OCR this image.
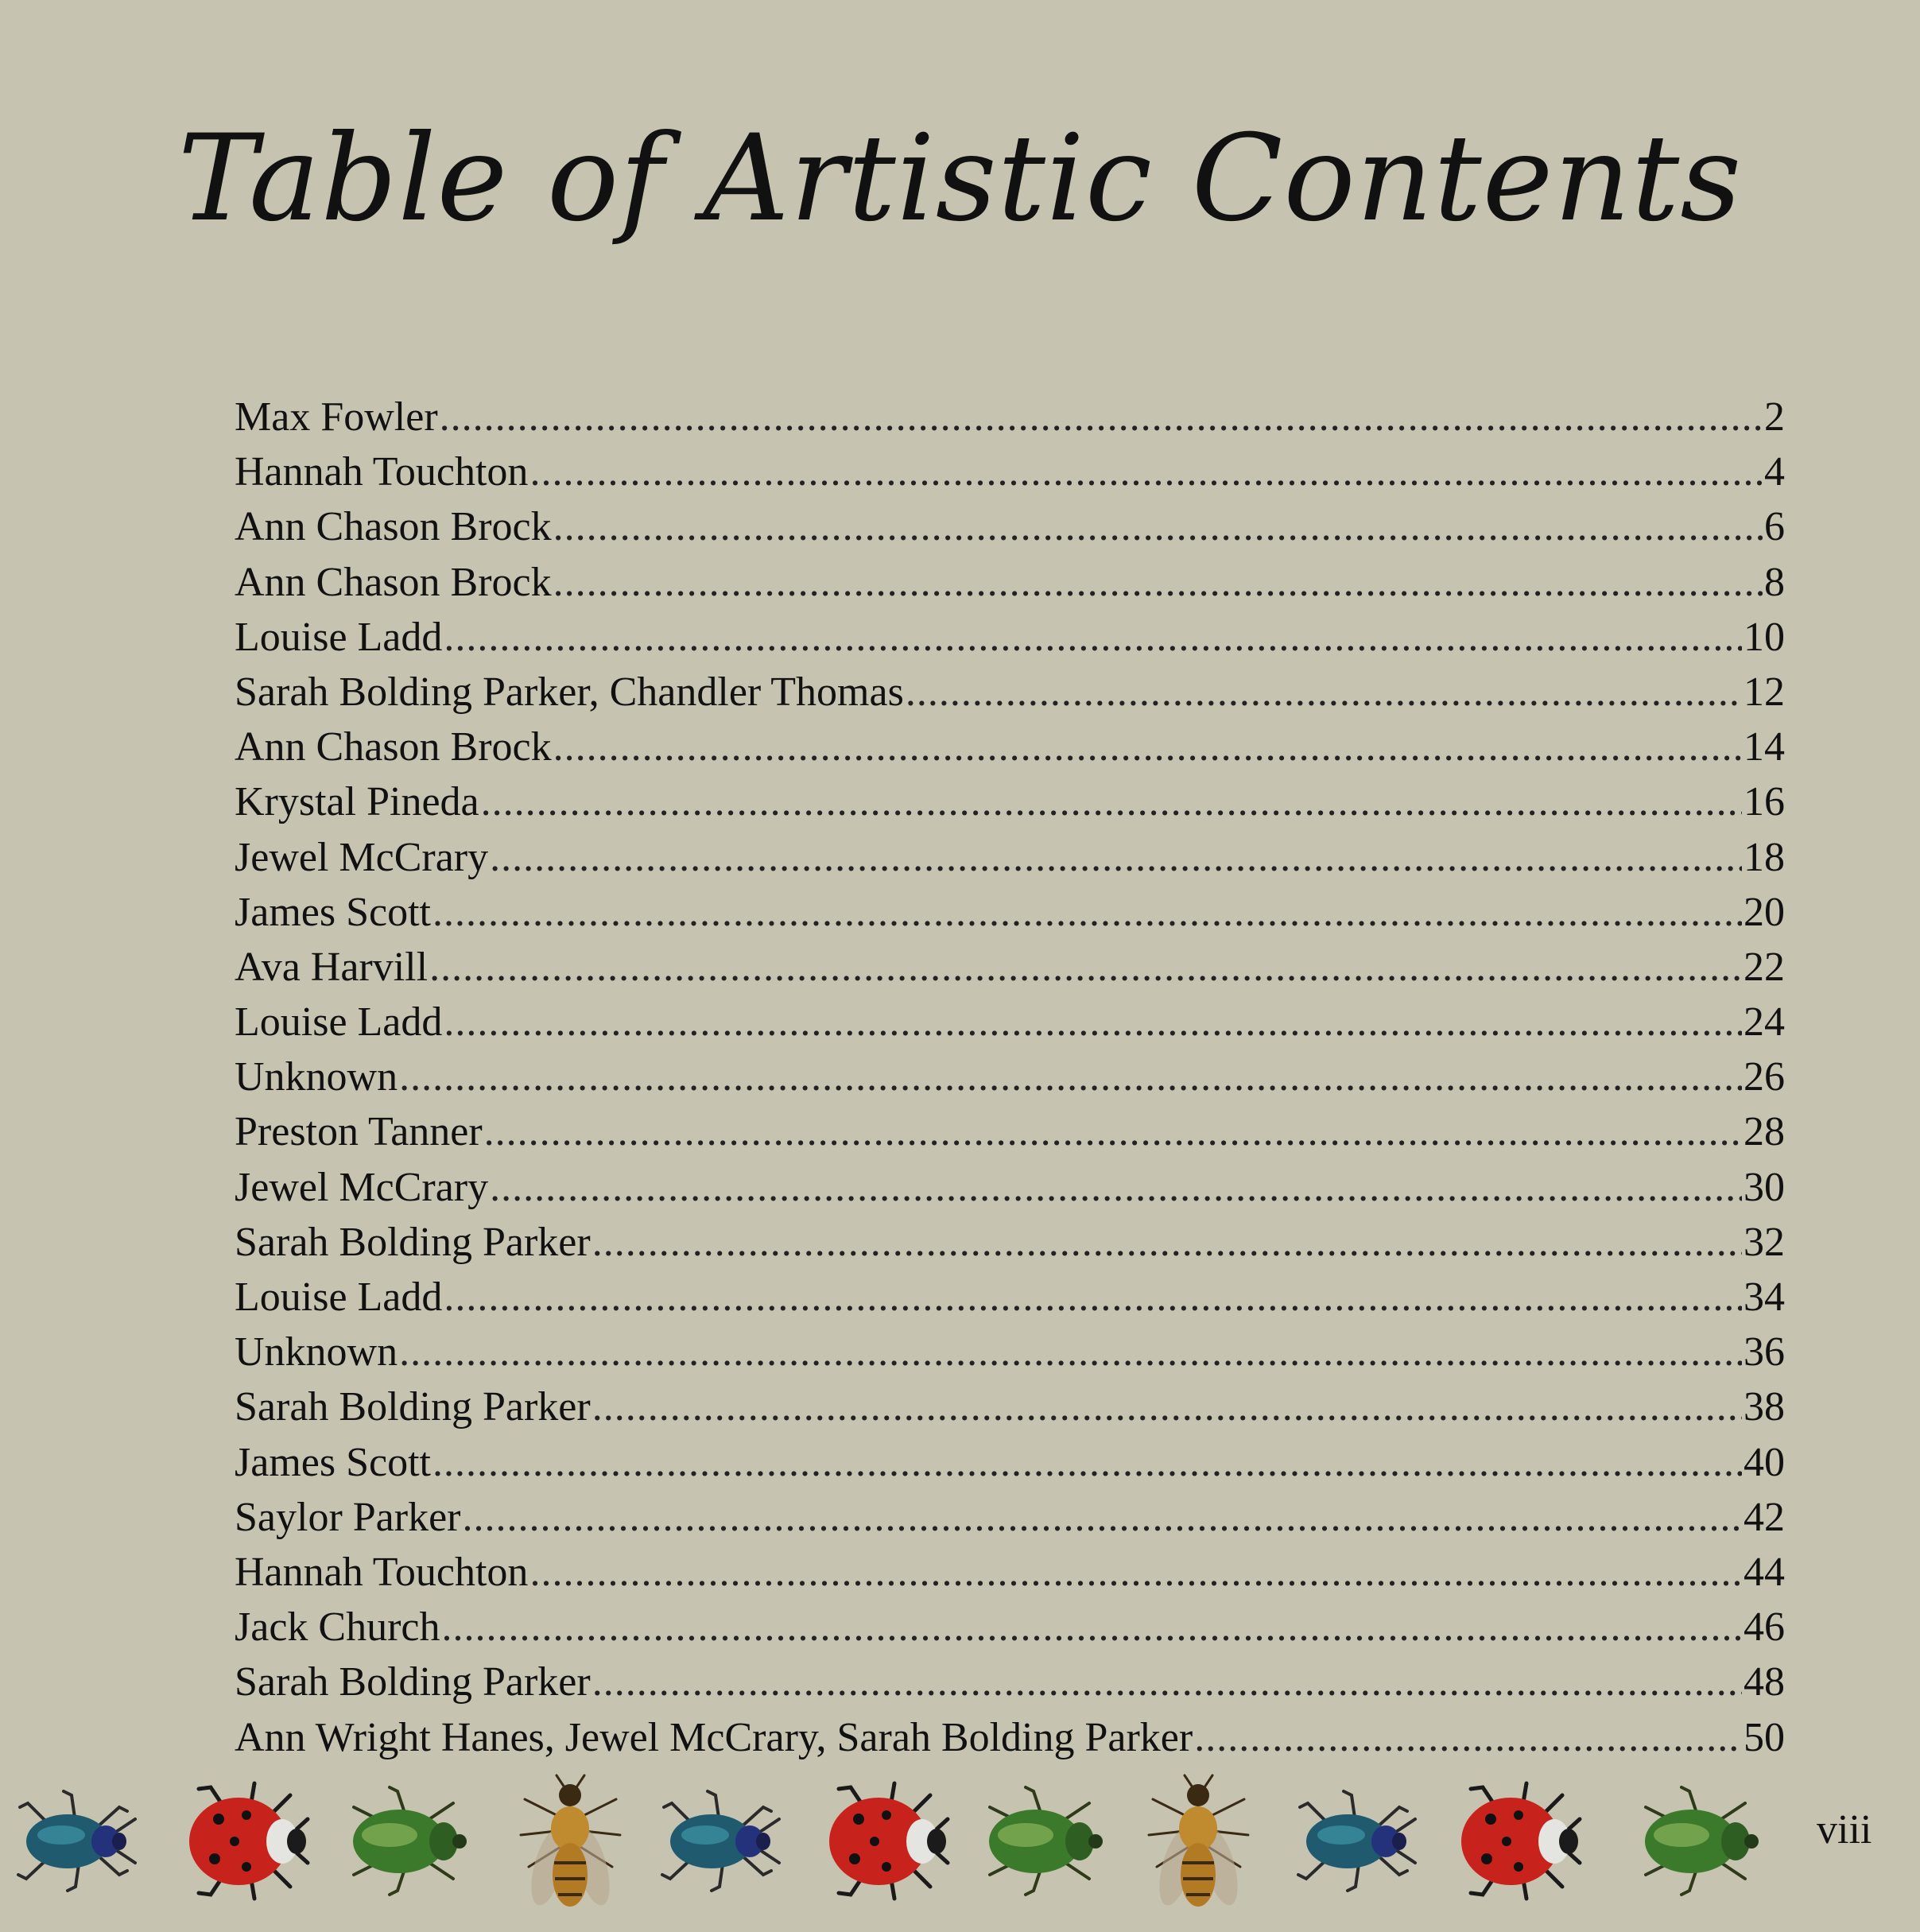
Table of Artistic Contents
Max Fowler .....	2
Hannah Touchton .....	4
Ann Chason Brock .....	6
Ann Chason Brock .....	8
Louise Ladd .....	10
Sarah Bolding Parker, Chandler Thomas .....	12
Ann Chason Brock .....	14
Krystal Pineda .....	16
Jewel McCrary .....	18
James Scott .....	20
Ava Harvill .....	22
Louise Ladd .....	24
Unknown .....	26
Preston Tanner .....	28
Jewel McCrary .....	30
Sarah Bolding Parker .....	32
Louise Ladd .....	34
Unknown .....	36
Sarah Bolding Parker .....	38
James Scott .....	40
Saylor Parker .....	42
Hannah Touchton .....	44
Jack Church .....	46
Sarah Bolding Parker .....	48
Ann Wright Hanes, Jewel McCrary, Sarah Bolding Parker .....	50
viii
